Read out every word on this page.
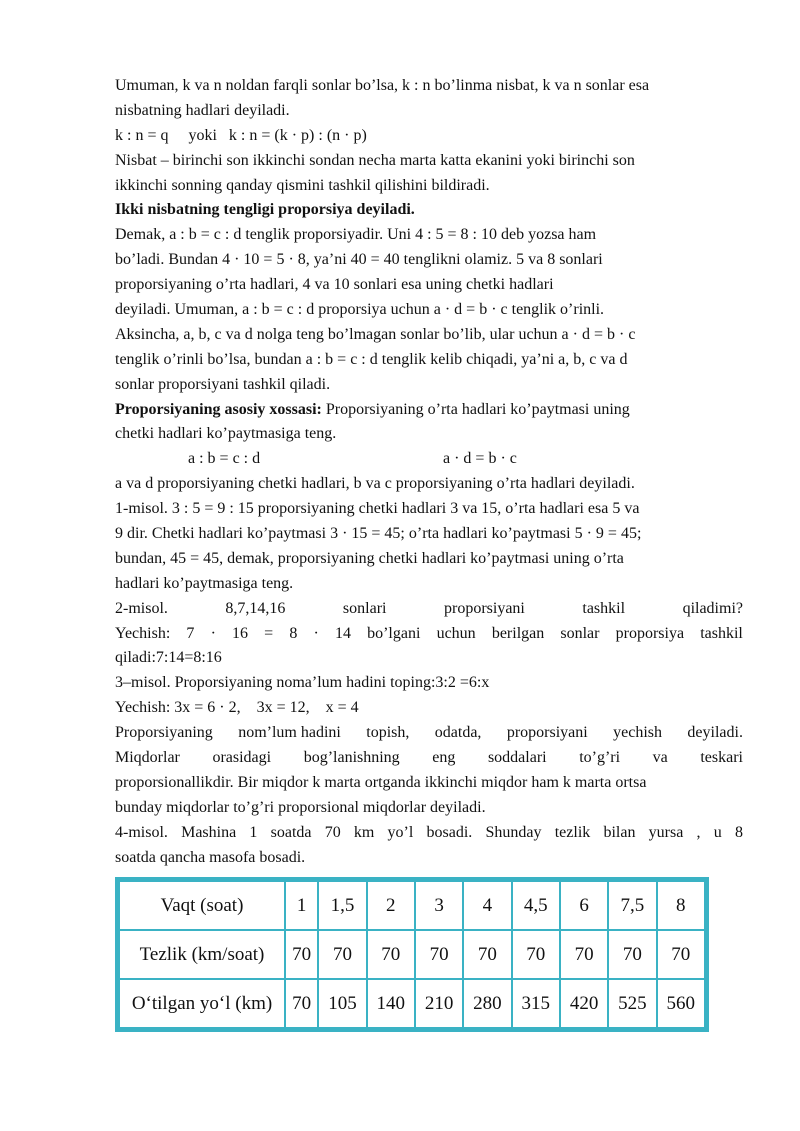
Umuman, k va n noldan farqli sonlar bo’lsa, k : n bo’linma nisbat, k va n sonlar esa
nisbatning hadlari deyiladi.
k : n = q     yoki   k : n = (k · p) : (n · p)
Nisbat – birinchi son ikkinchi sondan necha marta katta ekanini yoki birinchi son
ikkinchi sonning qanday qismini tashkil qilishini bildiradi.
Ikki nisbatning tengligi proporsiya deyiladi.
Demak, a : b = c : d tenglik proporsiyadir. Uni 4 : 5 = 8 : 10 deb yozsa ham
bo’ladi. Bundan 4 · 10 = 5 · 8, ya’ni 40 = 40 tenglikni olamiz. 5 va 8 sonlari
proporsiyaning o’rta hadlari, 4 va 10 sonlari esa uning chetki hadlari
deyiladi. Umuman, a : b = c : d proporsiya uchun a · d = b · c tenglik o’rinli.
Aksincha, a, b, c va d nolga teng bo’lmagan sonlar bo’lib, ular uchun a · d = b · c
tenglik o’rinli bo’lsa, bundan a : b = c : d tenglik kelib chiqadi, ya’ni a, b, c va d
sonlar proporsiyani tashkil qiladi.
Proporsiyaning asosiy xossasi: Proporsiyaning o’rta hadlari ko’paytmasi uning
chetki hadlari ko’paytmasiga teng.
a : b = c : d	a · d = b · c
a va d proporsiyaning chetki hadlari, b va c proporsiyaning o’rta hadlari deyiladi.
1-misol. 3 : 5 = 9 : 15 proporsiyaning chetki hadlari 3 va 15, o’rta hadlari esa 5 va
9 dir. Chetki hadlari ko’paytmasi 3 · 15 = 45; o’rta hadlari ko’paytmasi 5 · 9 = 45;
bundan, 45 = 45, demak, proporsiyaning chetki hadlari ko’paytmasi uning o’rta
hadlari ko’paytmasiga teng.
2-misol.	8,7,14,16	sonlari	proporsiyani	tashkil	qiladimi?
Yechish: 7 · 16 = 8 · 14 bo’lgani uchun berilgan sonlar proporsiya tashkil
qiladi:7:14=8:16
3–misol. Proporsiyaning noma’lum hadini toping:3:2 =6:x
Yechish: 3x = 6 · 2,    3x = 12,    x = 4
Proporsiyaning nom’lum hadini topish, odatda, proporsiyani yechish deyiladi.
Miqdorlar orasidagi bog’lanishning eng soddalari to’g’ri va teskari
proporsionallikdir. Bir miqdor k marta ortganda ikkinchi miqdor ham k marta ortsa
bunday miqdorlar to’g’ri proporsional miqdorlar deyiladi.
4-misol. Mashina 1 soatda 70 km yo’l bosadi. Shunday tezlik bilan yursa , u 8
soatda qancha masofa bosadi.
Vaqt (soat)	1	1,5	2	3	4	4,5	6	7,5	8
Tezlik (km/soat)	70	70	70	70	70	70	70	70	70
O‘tilgan yo‘l (km)	70	105	140	210	280	315	420	525	560
